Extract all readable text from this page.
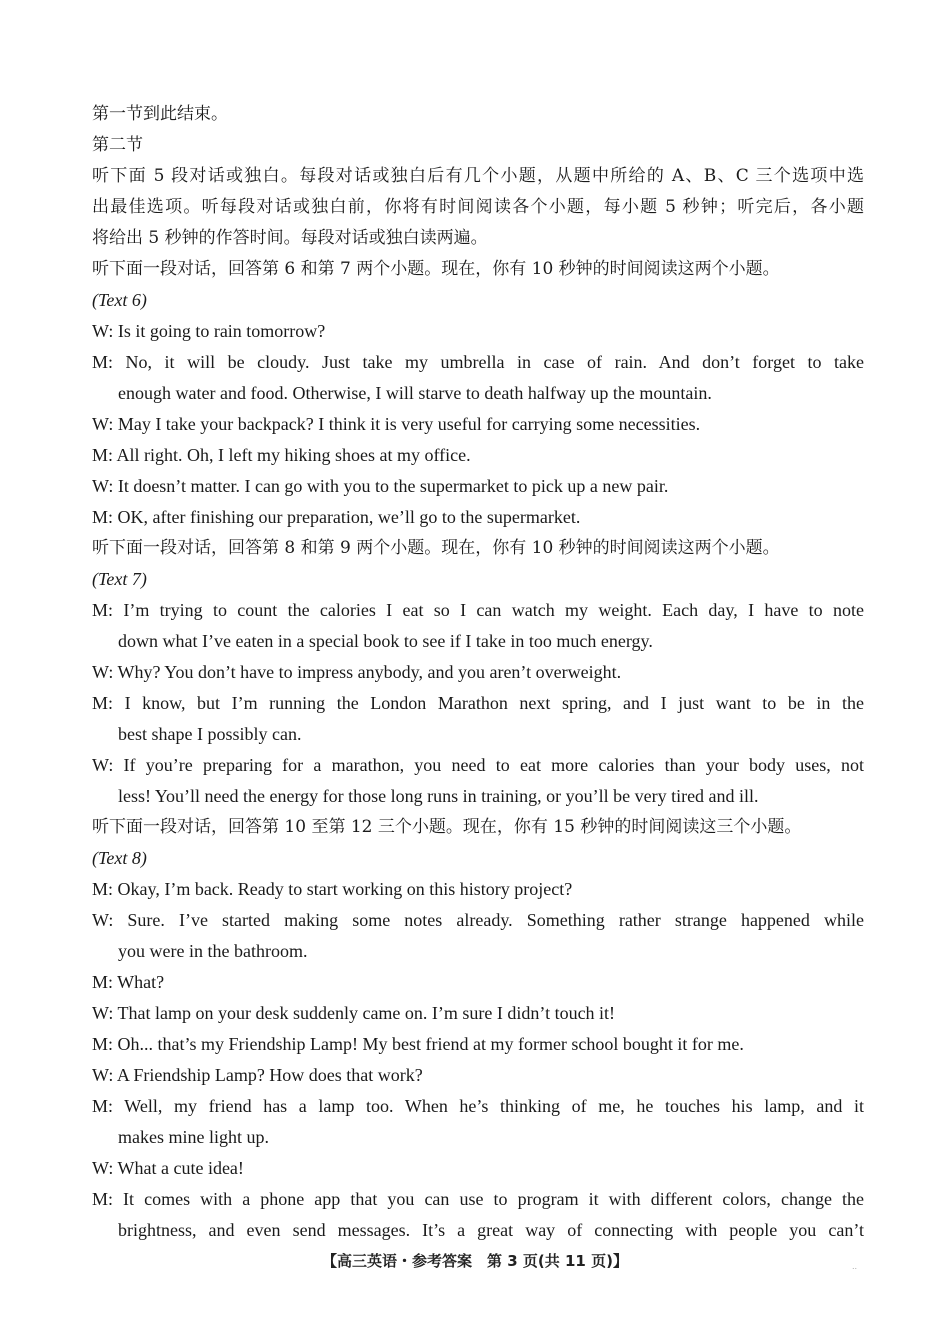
第一节到此结束。
第二节
听下面 5 段对话或独白。每段对话或独白后有几个小题，从题中所给的 A、B、C 三个选项中选
出最佳选项。听每段对话或独白前，你将有时间阅读各个小题，每小题 5 秒钟；听完后，各小题
将给出 5 秒钟的作答时间。每段对话或独白读两遍。
听下面一段对话，回答第 6 和第 7 两个小题。现在，你有 10 秒钟的时间阅读这两个小题。
(Text 6)
W: Is it going to rain tomorrow?
M: No, it will be cloudy. Just take my umbrella in case of rain. And don’t forget to take
enough water and food. Otherwise, I will starve to death halfway up the mountain.
W: May I take your backpack? I think it is very useful for carrying some necessities.
M: All right. Oh, I left my hiking shoes at my office.
W: It doesn’t matter. I can go with you to the supermarket to pick up a new pair.
M: OK, after finishing our preparation, we’ll go to the supermarket.
听下面一段对话，回答第 8 和第 9 两个小题。现在，你有 10 秒钟的时间阅读这两个小题。
(Text 7)
M: I’m trying to count the calories I eat so I can watch my weight. Each day, I have to note
down what I’ve eaten in a special book to see if I take in too much energy.
W: Why? You don’t have to impress anybody, and you aren’t overweight.
M: I know, but I’m running the London Marathon next spring, and I just want to be in the
best shape I possibly can.
W: If you’re preparing for a marathon, you need to eat more calories than your body uses, not
less! You’ll need the energy for those long runs in training, or you’ll be very tired and ill.
听下面一段对话，回答第 10 至第 12 三个小题。现在，你有 15 秒钟的时间阅读这三个小题。
(Text 8)
M: Okay, I’m back. Ready to start working on this history project?
W: Sure. I’ve started making some notes already. Something rather strange happened while
you were in the bathroom.
M: What?
W: That lamp on your desk suddenly came on. I’m sure I didn’t touch it!
M: Oh... that’s my Friendship Lamp! My best friend at my former school bought it for me.
W: A Friendship Lamp? How does that work?
M: Well, my friend has a lamp too. When he’s thinking of me, he touches his lamp, and it
makes mine light up.
W: What a cute idea!
M: It comes with a phone app that you can use to program it with different colors, change the
brightness, and even send messages. It’s a great way of connecting with people you can’t
【高三英语・参考答案　第 3 页(共 11 页)】	..
